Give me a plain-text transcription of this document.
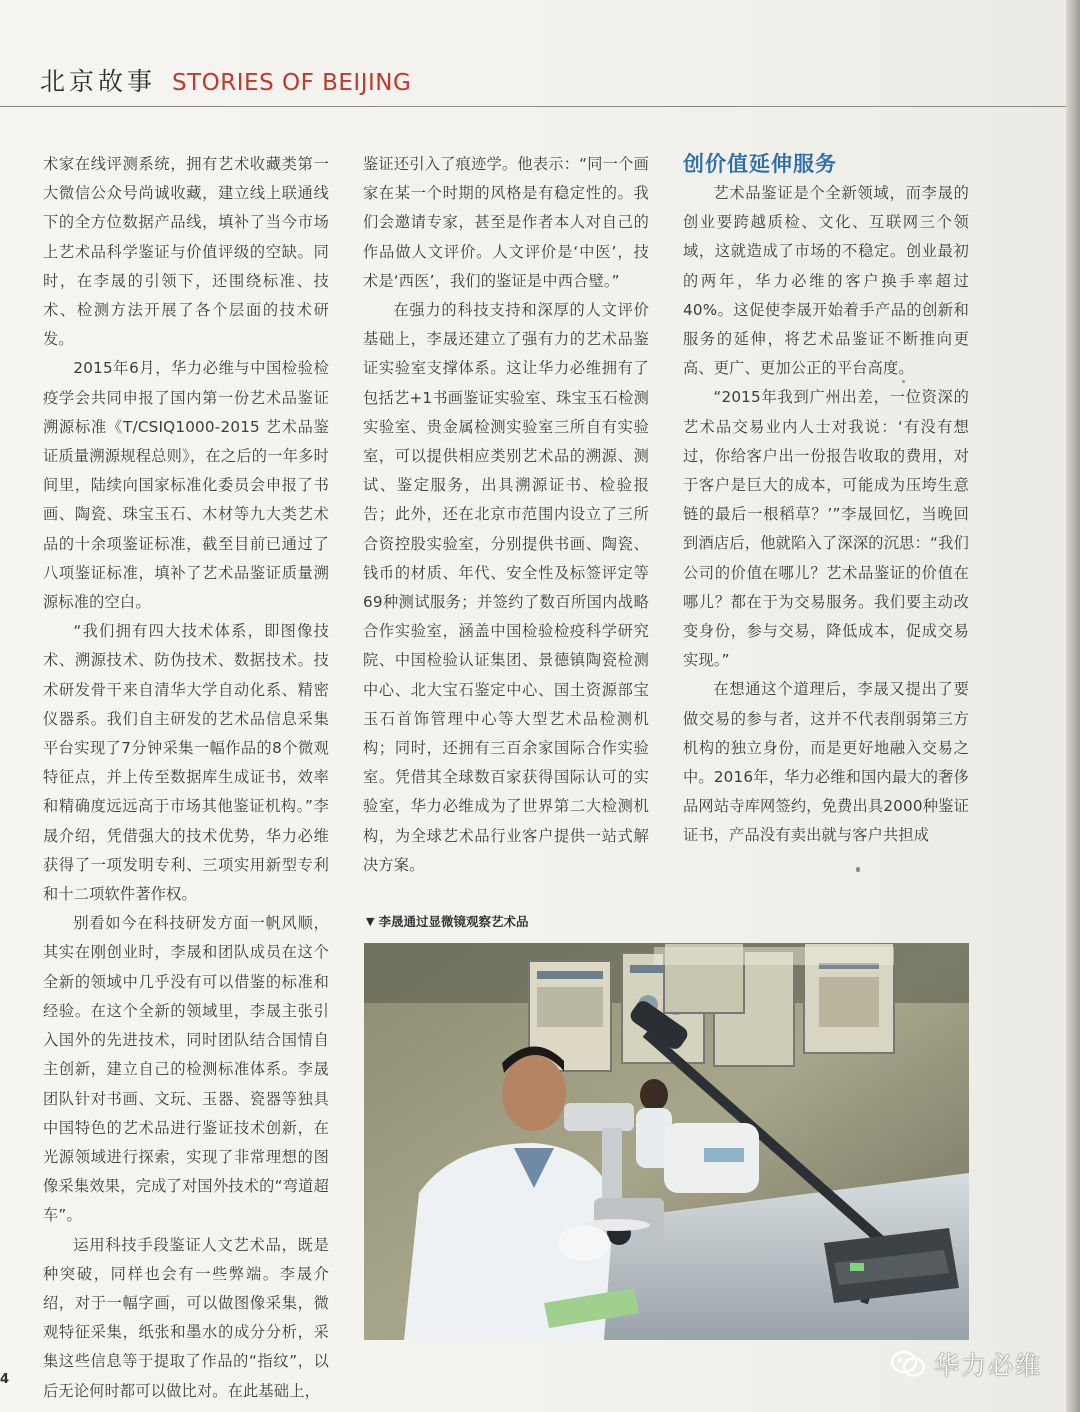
北京故事 STORIES OF BEIJING

术家在线评测系统，拥有艺术收藏类第一大微信公众号尚诚收藏，建立线上联通线下的全方位数据产品线，填补了当今市场上艺术品科学鉴证与价值评级的空缺。同时，在李晟的引领下，还围绕标准、技术、检测方法开展了各个层面的技术研发。

2015年6月，华力必维与中国检验检疫学会共同申报了国内第一份艺术品鉴证溯源标准《T/CSIQ1000-2015 艺术品鉴证质量溯源规程总则》，在之后的一年多时间里，陆续向国家标准化委员会申报了书画、陶瓷、珠宝玉石、木材等九大类艺术品的十余项鉴证标准，截至目前已通过了八项鉴证标准，填补了艺术品鉴证质量溯源标准的空白。

“我们拥有四大技术体系，即图像技术、溯源技术、防伪技术、数据技术。技术研发骨干来自清华大学自动化系、精密仪器系。我们自主研发的艺术品信息采集平台实现了7分钟采集一幅作品的8个微观特征点，并上传至数据库生成证书，效率和精确度远远高于市场其他鉴证机构。”李晟介绍，凭借强大的技术优势，华力必维获得了一项发明专利、三项实用新型专利和十二项软件著作权。

别看如今在科技研发方面一帆风顺，其实在刚创业时，李晟和团队成员在这个全新的领域中几乎没有可以借鉴的标准和经验。在这个全新的领域里，李晟主张引入国外的先进技术，同时团队结合国情自主创新，建立自己的检测标准体系。李晟团队针对书画、文玩、玉器、瓷器等独具中国特色的艺术品进行鉴证技术创新，在光源领域进行探索，实现了非常理想的图像采集效果，完成了对国外技术的“弯道超车”。

运用科技手段鉴证人文艺术品，既是种突破，同样也会有一些弊端。李晟介绍，对于一幅字画，可以做图像采集，微观特征采集，纸张和墨水的成分分析，采集这些信息等于提取了作品的“指纹”，以后无论何时都可以做比对。在此基础上，

鉴证还引入了痕迹学。他表示：“同一个画家在某一个时期的风格是有稳定性的。我们会邀请专家，甚至是作者本人对自己的作品做人文评价。人文评价是‘中医’，技术是‘西医’，我们的鉴证是中西合璧。”

在强力的科技支持和深厚的人文评价基础上，李晟还建立了强有力的艺术品鉴证实验室支撑体系。这让华力必维拥有了包括艺+1书画鉴证实验室、珠宝玉石检测实验室、贵金属检测实验室三所自有实验室，可以提供相应类别艺术品的溯源、测试、鉴定服务，出具溯源证书、检验报告；此外，还在北京市范围内设立了三所合资控股实验室，分别提供书画、陶瓷、钱币的材质、年代、安全性及标签评定等69种测试服务；并签约了数百所国内战略合作实验室，涵盖中国检验检疫科学研究院、中国检验认证集团、景德镇陶瓷检测中心、北大宝石鉴定中心、国土资源部宝玉石首饰管理中心等大型艺术品检测机构；同时，还拥有三百余家国际合作实验室。凭借其全球数百家获得国际认可的实验室，华力必维成为了世界第二大检测机构，为全球艺术品行业客户提供一站式解决方案。

创价值延伸服务

艺术品鉴证是个全新领域，而李晟的创业要跨越质检、文化、互联网三个领域，这就造成了市场的不稳定。创业最初的两年，华力必维的客户换手率超过40%。这促使李晟开始着手产品的创新和服务的延伸，将艺术品鉴证不断推向更高、更广、更加公正的平台高度。

“2015年我到广州出差，一位资深的艺术品交易业内人士对我说：‘有没有想过，你给客户出一份报告收取的费用，对于客户是巨大的成本，可能成为压垮生意链的最后一根稻草？’”李晟回忆，当晚回到酒店后，他就陷入了深深的沉思：“我们公司的价值在哪儿？艺术品鉴证的价值在哪儿？都在于为交易服务。我们要主动改变身份，参与交易，降低成本，促成交易实现。”

在想通这个道理后，李晟又提出了要做交易的参与者，这并不代表削弱第三方机构的独立身份，而是更好地融入交易之中。2016年，华力必维和国内最大的奢侈品网站寺库网签约，免费出具2000种鉴证证书，产品没有卖出就与客户共担成

▼ 李晟通过显微镜观察艺术品
4	华力必维
